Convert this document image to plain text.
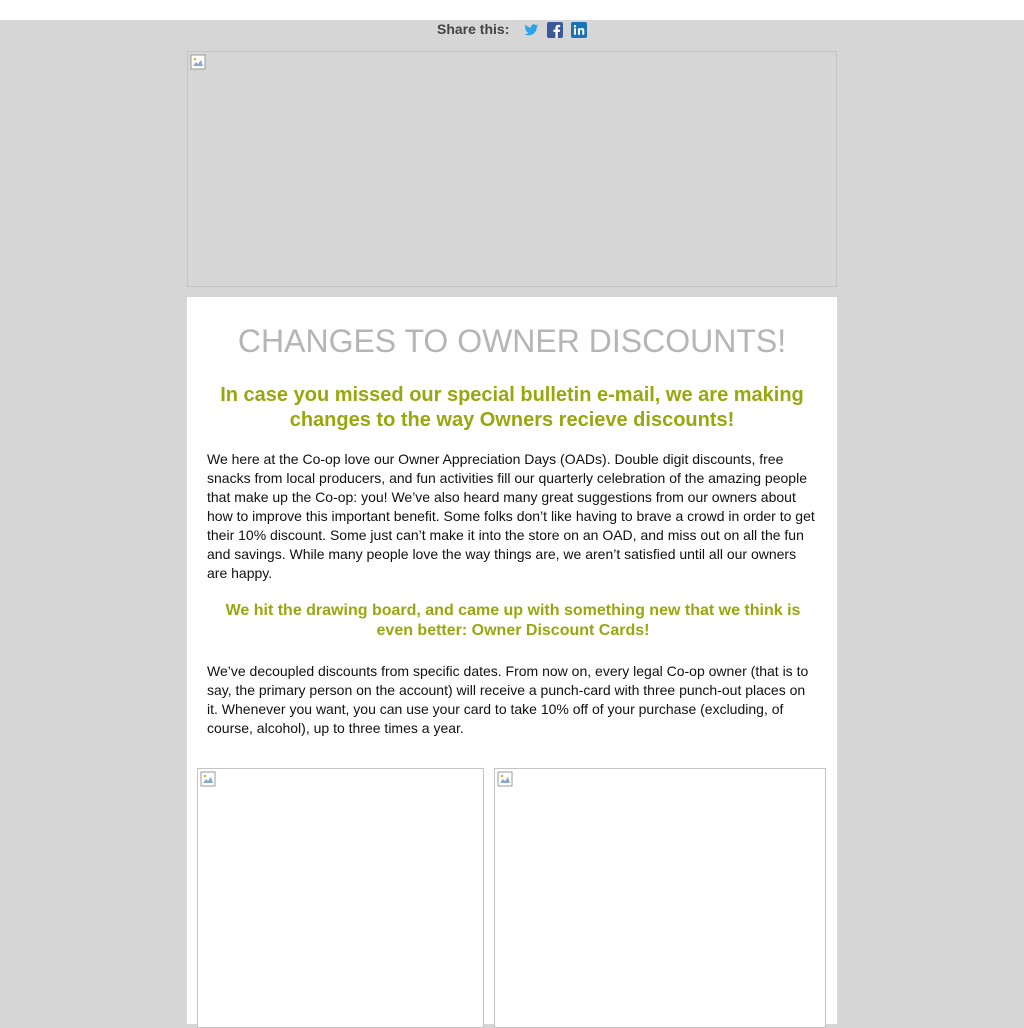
Share this:
CHANGES TO OWNER DISCOUNTS!
In case you missed our special bulletin e-mail, we are making changes to the way Owners recieve discounts!

We here at the Co-op love our Owner Appreciation Days (OADs). Double digit discounts, free snacks from local producers, and fun activities fill our quarterly celebration of the amazing people that make up the Co-op: you! We’ve also heard many great suggestions from our owners about how to improve this important benefit. Some folks don’t like having to brave a crowd in order to get their 10% discount. Some just can’t make it into the store on an OAD, and miss out on all the fun and savings. While many people love the way things are, we aren’t satisfied until all our owners are happy.

We hit the drawing board, and came up with something new that we think is even better: Owner Discount Cards!

We’ve decoupled discounts from specific dates. From now on, every legal Co-op owner (that is to say, the primary person on the account) will receive a punch-card with three punch-out places on it. Whenever you want, you can use your card to take 10% off of your purchase (excluding, of course, alcohol), up to three times a year.
